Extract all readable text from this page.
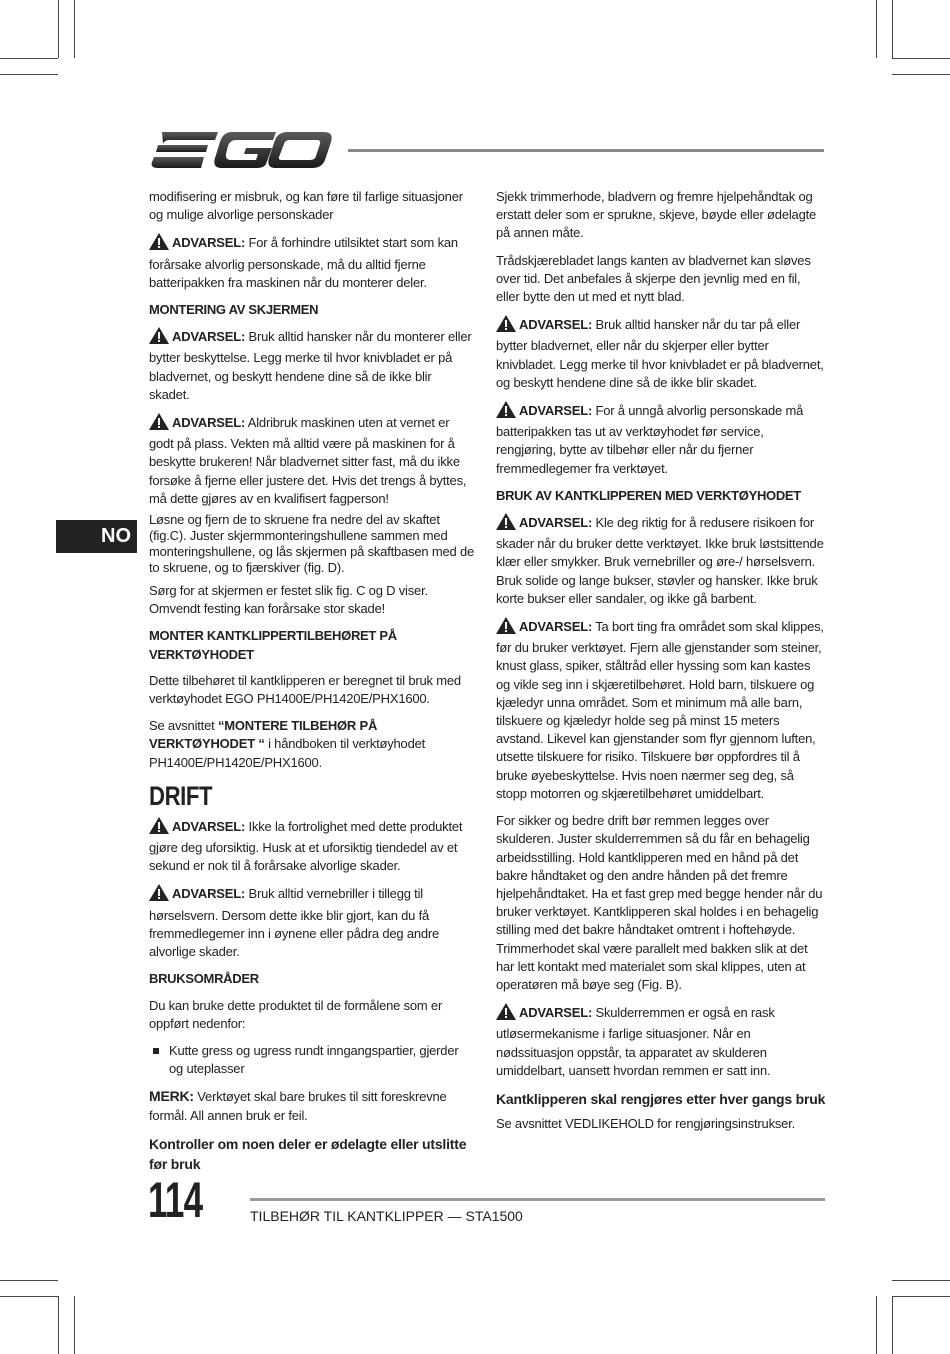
NO

modifisering er misbruk, og kan føre til farlige situasjoner og mulige alvorlige personskader

ADVARSEL: For å forhindre utilsiktet start som kan forårsake alvorlig personskade, må du alltid fjerne batteripakken fra maskinen når du monterer deler.

MONTERING AV SKJERMEN

ADVARSEL: Bruk alltid hansker når du monterer eller bytter beskyttelse. Legg merke til hvor knivbladet er på bladvernet, og beskytt hendene dine så de ikke blir skadet.

ADVARSEL: Aldribruk maskinen uten at vernet er godt på plass. Vekten må alltid være på maskinen for å beskytte brukeren! Når bladvernet sitter fast, må du ikke forsøke å fjerne eller justere det. Hvis det trengs å byttes, må dette gjøres av en kvalifisert fagperson!

Løsne og fjern de to skruene fra nedre del av skaftet (fig.C). Juster skjermmonteringshullene sammen med monteringshullene, og lås skjermen på skaftbasen med de to skruene, og to fjærskiver (fig. D).

Sørg for at skjermen er festet slik fig. C og D viser. Omvendt festing kan forårsake stor skade!

MONTER KANTKLIPPERTILBEHØRET PÅ VERKTØYHODET

Dette tilbehøret til kantklipperen er beregnet til bruk med verktøyhodet EGO PH1400E/PH1420E/PHX1600.

Se avsnittet “MONTERE TILBEHØR PÅ VERKTØYHODET “ i håndboken til verktøyhodet PH1400E/PH1420E/PHX1600.

DRIFT

ADVARSEL: Ikke la fortrolighet med dette produktet gjøre deg uforsiktig. Husk at et uforsiktig tiendedel av et sekund er nok til å forårsake alvorlige skader.

ADVARSEL: Bruk alltid vernebriller i tillegg til hørselsvern. Dersom dette ikke blir gjort, kan du få fremmedlegemer inn i øynene eller pådra deg andre alvorlige skader.

BRUKSOMRÅDER

Du kan bruke dette produktet til de formålene som er oppført nedenfor:

Kutte gress og ugress rundt inngangspartier, gjerder og uteplasser

MERK: Verktøyet skal bare brukes til sitt foreskrevne formål. All annen bruk er feil.

Kontroller om noen deler er ødelagte eller utslitte før bruk

Sjekk trimmerhode, bladvern og fremre hjelpehåndtak og erstatt deler som er sprukne, skjeve, bøyde eller ødelagte på annen måte.

Trådskjærebladet langs kanten av bladvernet kan sløves over tid. Det anbefales å skjerpe den jevnlig med en fil, eller bytte den ut med et nytt blad.

ADVARSEL: Bruk alltid hansker når du tar på eller bytter bladvernet, eller når du skjerper eller bytter knivbladet. Legg merke til hvor knivbladet er på bladvernet, og beskytt hendene dine så de ikke blir skadet.

ADVARSEL: For å unngå alvorlig personskade må batteripakken tas ut av verktøyhodet før service, rengjøring, bytte av tilbehør eller når du fjerner fremmedlegemer fra verktøyet.

BRUK AV KANTKLIPPEREN MED VERKTØYHODET

ADVARSEL: Kle deg riktig for å redusere risikoen for skader når du bruker dette verktøyet. Ikke bruk løstsittende klær eller smykker. Bruk vernebriller og øre-/ hørselsvern. Bruk solide og lange bukser, støvler og hansker. Ikke bruk korte bukser eller sandaler, og ikke gå barbent.

ADVARSEL: Ta bort ting fra området som skal klippes, før du bruker verktøyet. Fjern alle gjenstander som steiner, knust glass, spiker, ståltråd eller hyssing som kan kastes og vikle seg inn i skjæretilbehøret. Hold barn, tilskuere og kjæledyr unna området. Som et minimum må alle barn, tilskuere og kjæledyr holde seg på minst 15 meters avstand. Likevel kan gjenstander som flyr gjennom luften, utsette tilskuere for risiko. Tilskuere bør oppfordres til å bruke øyebeskyttelse. Hvis noen nærmer seg deg, så stopp motorren og skjæretilbehøret umiddelbart.

For sikker og bedre drift bør remmen legges over skulderen. Juster skulderremmen så du får en behagelig arbeidsstilling. Hold kantklipperen med en hånd på det bakre håndtaket og den andre hånden på det fremre hjelpehåndtaket. Ha et fast grep med begge hender når du bruker verktøyet. Kantklipperen skal holdes i en behagelig stilling med det bakre håndtaket omtrent i hoftehøyde. Trimmerhodet skal være parallelt med bakken slik at det har lett kontakt med materialet som skal klippes, uten at operatøren må bøye seg (Fig. B).

ADVARSEL: Skulderremmen er også en rask utløsermekanisme i farlige situasjoner. Når en nødssituasjon oppstår, ta apparatet av skulderen umiddelbart, uansett hvordan remmen er satt inn.

Kantklipperen skal rengjøres etter hver gangs bruk

Se avsnittet VEDLIKEHOLD for rengjøringsinstrukser.

114	TILBEHØR TIL KANTKLIPPER — STA1500
